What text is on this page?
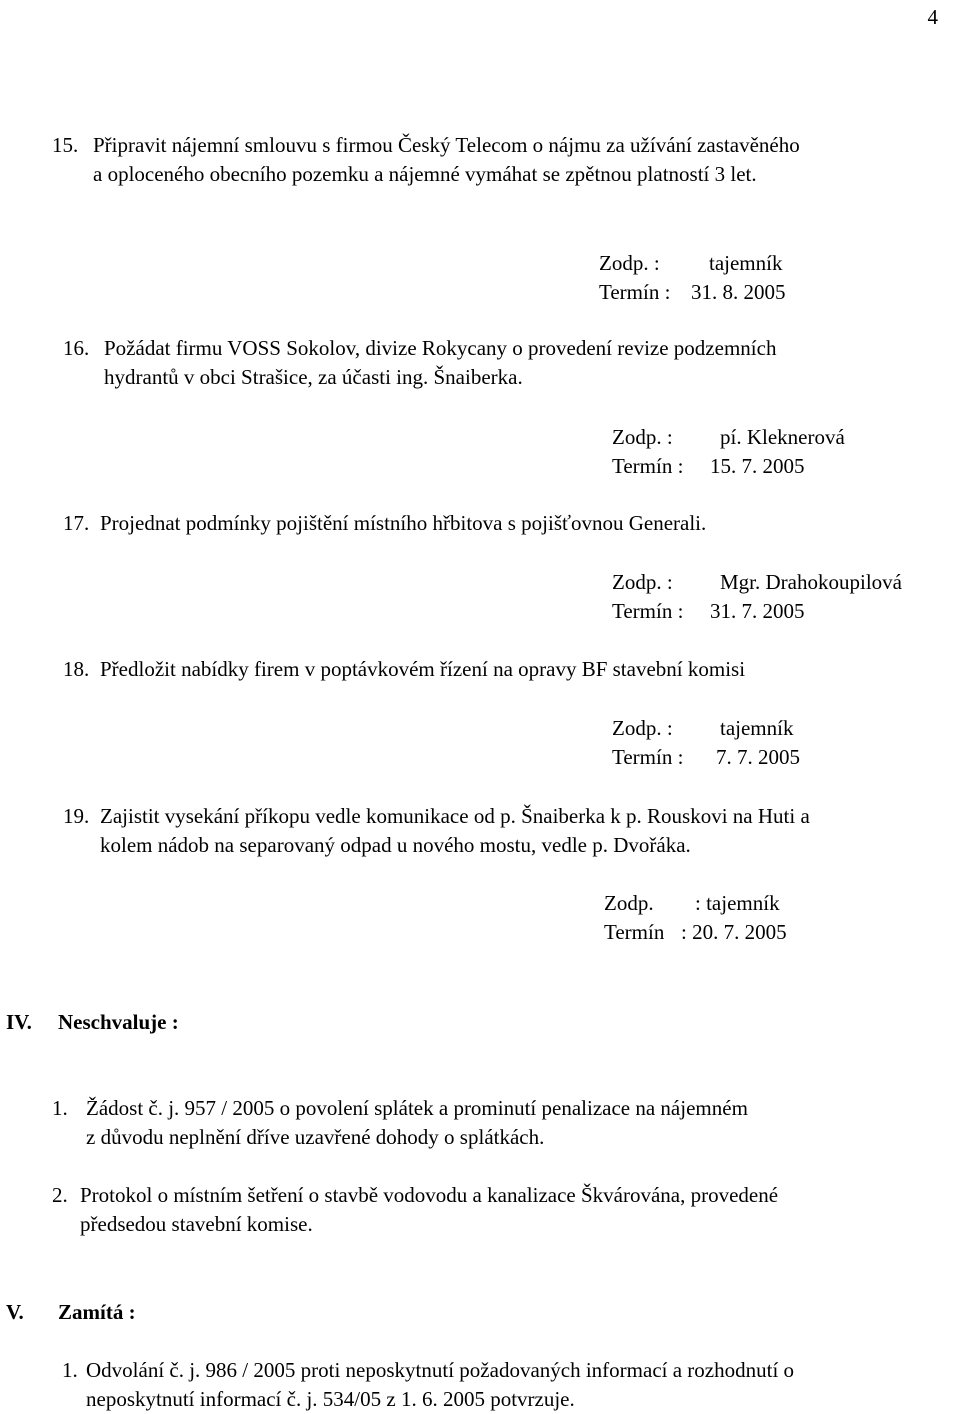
4
15. Připravit nájemní smlouvu s firmou Český Telecom o nájmu za užívání zastavěného
a oploceného obecního pozemku a nájemné vymáhat se zpětnou platností 3 let.
Zodp. : tajemník
Termín : 31. 8. 2005
16. Požádat firmu VOSS Sokolov, divize Rokycany o provedení revize podzemních
hydrantů v obci Strašice, za účasti ing. Šnaiberka.
Zodp. : pí. Kleknerová
Termín : 15. 7. 2005
17. Projednat podmínky pojištění místního hřbitova s pojišťovnou Generali.
Zodp. : Mgr. Drahokoupilová
Termín : 31. 7. 2005
18. Předložit nabídky firem v poptávkovém řízení na opravy BF stavební komisi
Zodp. : tajemník
Termín : 7. 7. 2005
19. Zajistit vysekání příkopu vedle komunikace od p. Šnaiberka k p. Rouskovi na Huti a
kolem nádob na separovaný odpad u nového mostu, vedle p. Dvořáka.
Zodp. : tajemník
Termín : 20. 7. 2005
IV. Neschvaluje :
1. Žádost č. j. 957 / 2005 o povolení splátek a prominutí penalizace na nájemném
z důvodu neplnění dříve uzavřené dohody o splátkách.
2. Protokol o místním šetření o stavbě vodovodu a kanalizace Škvárována, provedené
předsedou stavební komise.
V. Zamítá :
1. Odvolání č. j. 986 / 2005 proti neposkytnutí požadovaných informací a rozhodnutí o
neposkytnutí informací č. j. 534/05 z 1. 6. 2005 potvrzuje.
